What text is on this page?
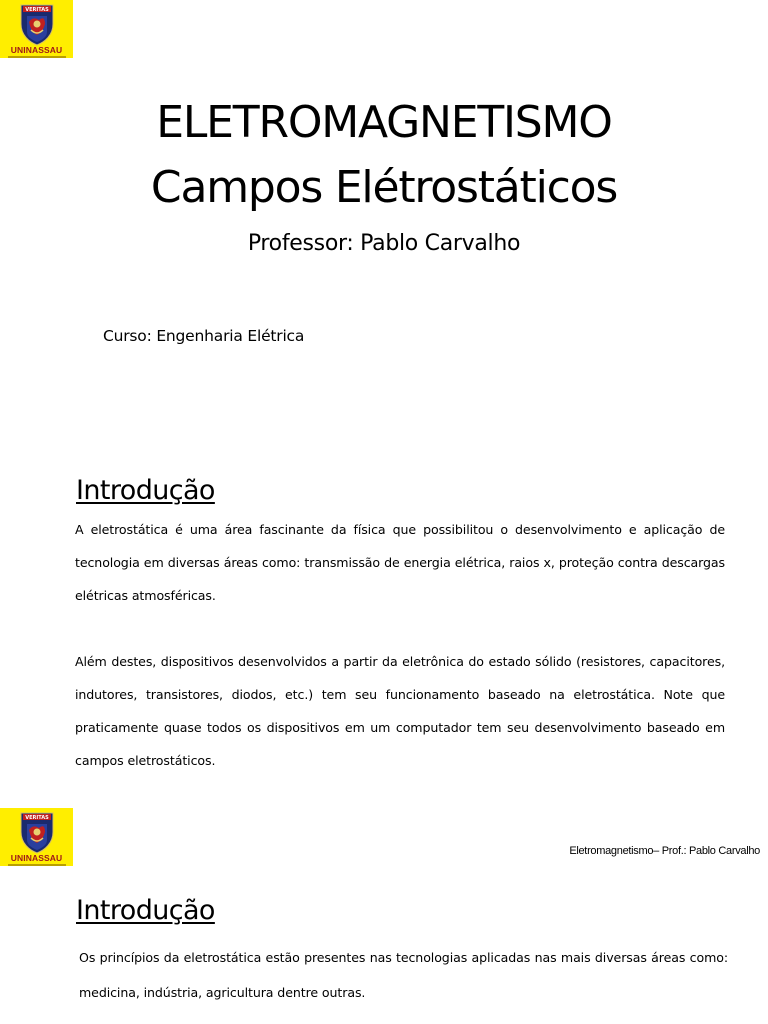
VERITAS
UNINASSAU
ELETROMAGNETISMO
Campos Elétrostáticos
Professor: Pablo Carvalho
Curso: Engenharia Elétrica
Introdução

A eletrostática é uma área fascinante da física que possibilitou o desenvolvimento e aplicação de tecnologia em diversas áreas como: transmissão de energia elétrica, raios x, proteção contra descargas elétricas atmosféricas.

Além destes, dispositivos desenvolvidos a partir da eletrônica do estado sólido (resistores, capacitores, indutores, transistores, diodos, etc.) tem seu funcionamento baseado na eletrostática. Note que praticamente quase todos os dispositivos em um computador tem seu desenvolvimento baseado em campos eletrostáticos.

VERITAS
UNINASSAU
Eletromagnetismo– Prof.: Pablo Carvalho
Introdução

Os princípios da eletrostática estão presentes nas tecnologias aplicadas nas mais diversas áreas como: medicina, indústria, agricultura dentre outras.
